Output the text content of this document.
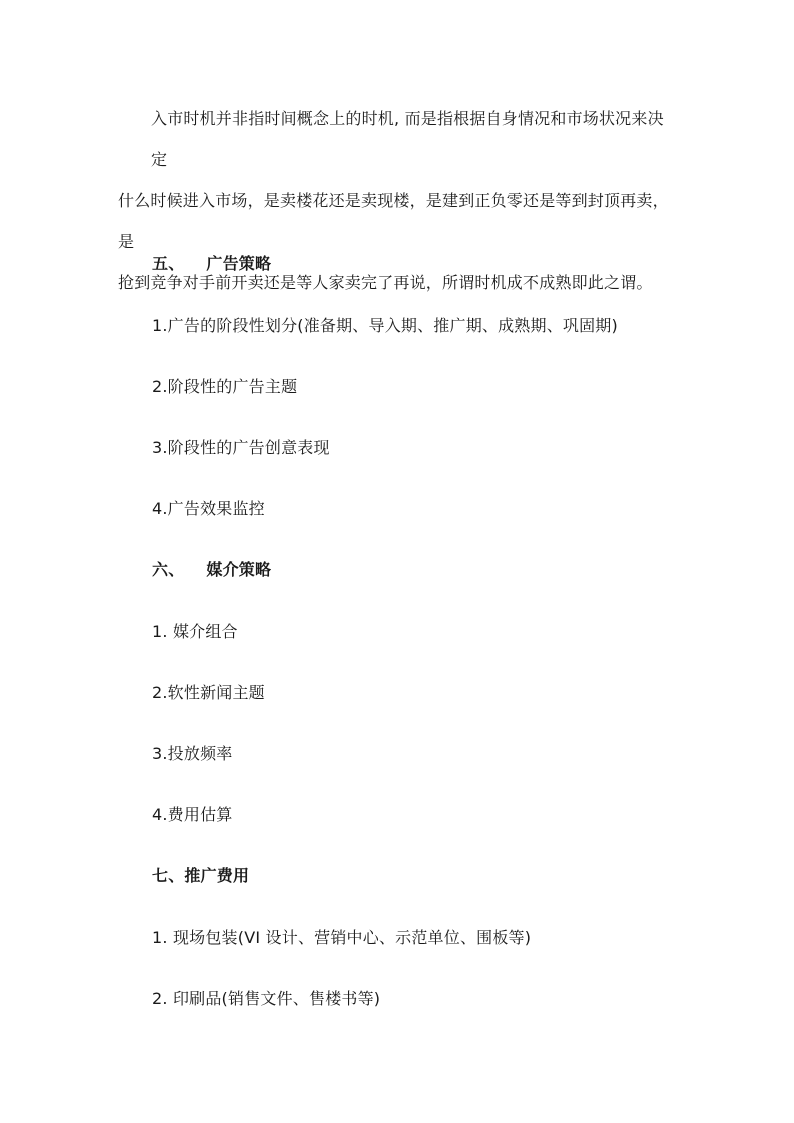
入市时机并非指时间概念上的时机, 而是指根据自身情况和市场状况来决定
什么时候进入市场，是卖楼花还是卖现楼，是建到正负零还是等到封顶再卖，是
抢到竞争对手前开卖还是等人家卖完了再说，所谓时机成不成熟即此之谓。
五、 广告策略
1.广告的阶段性划分(准备期、导入期、推广期、成熟期、巩固期)
2.阶段性的广告主题
3.阶段性的广告创意表现
4.广告效果监控
六、 媒介策略
1. 媒介组合
2.软性新闻主题
3.投放频率
4.费用估算
七、推广费用
1. 现场包装(VI 设计、营销中心、示范单位、围板等)
2. 印刷品(销售文件、售楼书等)
